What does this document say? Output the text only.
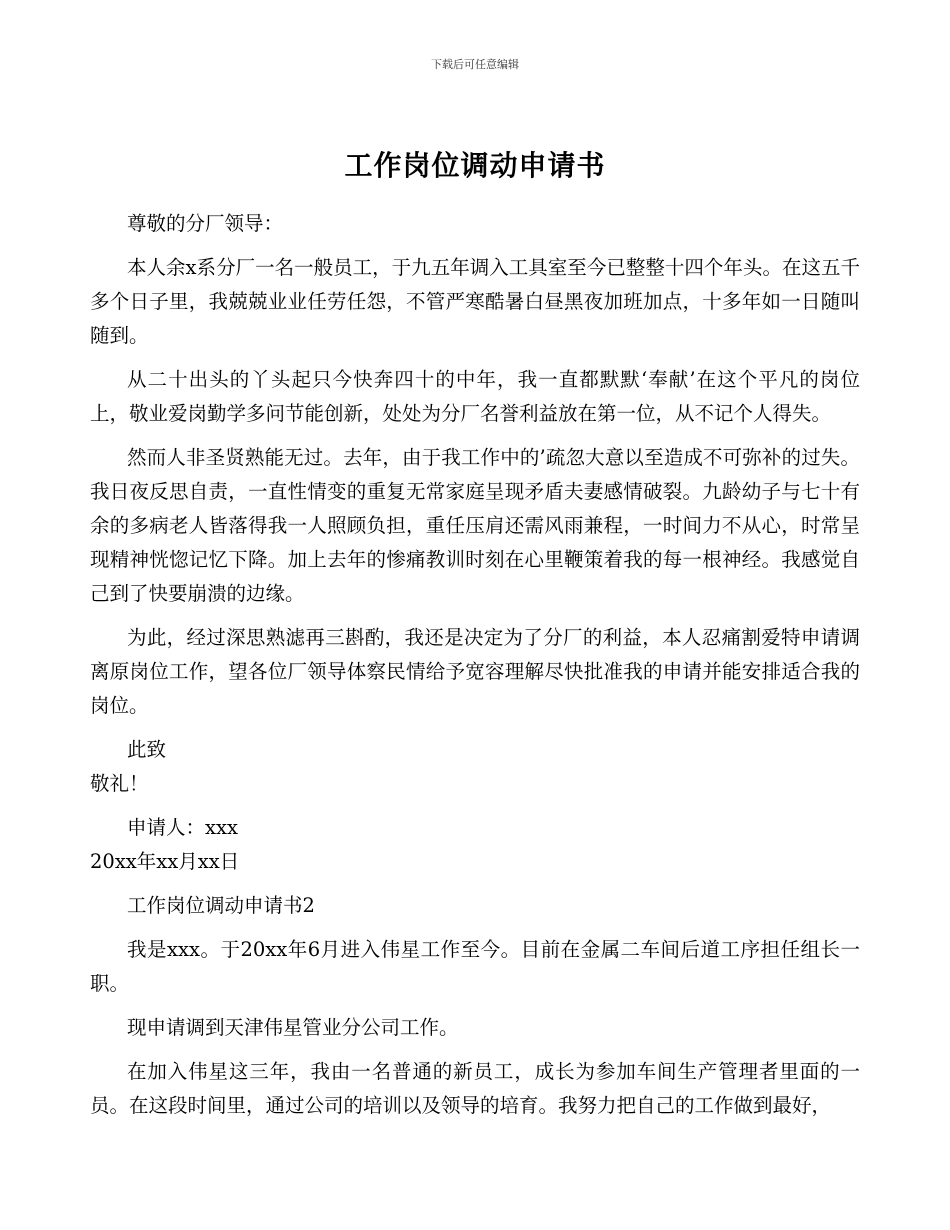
下载后可任意编辑
工作岗位调动申请书

尊敬的分厂领导：

本人余x系分厂一名一般员工，于九五年调入工具室至今已整整十四个年头。在这五千多个日子里，我兢兢业业任劳任怨，不管严寒酷暑白昼黑夜加班加点，十多年如一日随叫随到。

从二十出头的丫头起只今快奔四十的中年，我一直都默默‘奉献’在这个平凡的岗位上，敬业爱岗勤学多问节能创新，处处为分厂名誉利益放在第一位，从不记个人得失。

然而人非圣贤熟能无过。去年，由于我工作中的’疏忽大意以至造成不可弥补的过失。我日夜反思自责，一直性情变的重复无常家庭呈现矛盾夫妻感情破裂。九龄幼子与七十有余的多病老人皆落得我一人照顾负担，重任压肩还需风雨兼程，一时间力不从心，时常呈现精神恍惚记忆下降。加上去年的惨痛教训时刻在心里鞭策着我的每一根神经。我感觉自己到了快要崩溃的边缘。

为此，经过深思熟滤再三斟酌，我还是决定为了分厂的利益，本人忍痛割爱特申请调离原岗位工作，望各位厂领导体察民情给予宽容理解尽快批准我的申请并能安排适合我的岗位。

此致

敬礼！

申请人：xxx

20xx年xx月xx日

工作岗位调动申请书2

我是xxx。于20xx年6月进入伟星工作至今。目前在金属二车间后道工序担任组长一职。

现申请调到天津伟星管业分公司工作。

在加入伟星这三年，我由一名普通的新员工，成长为参加车间生产管理者里面的一员。在这段时间里，通过公司的培训以及领导的培育。我努力把自己的工作做到最好，
